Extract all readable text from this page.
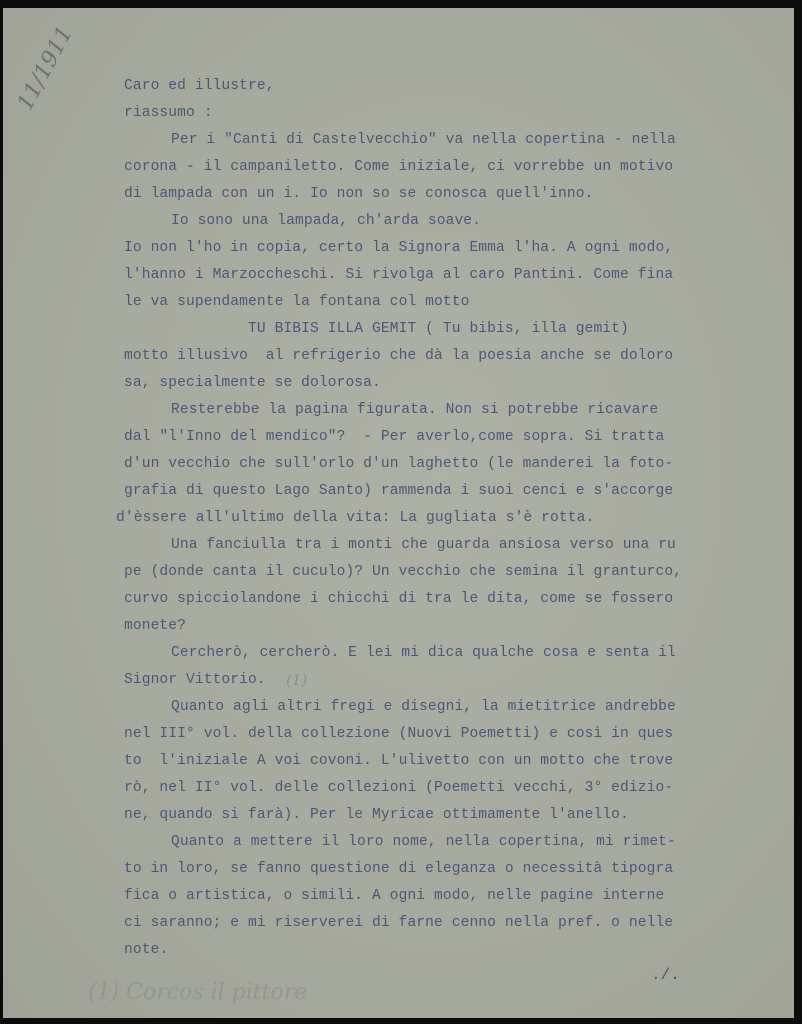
Caro ed illustre,
riassumo :
Per i "Canti di Castelvecchio" va nella copertina - nella
corona - il campaniletto. Come iniziale, ci vorrebbe un motivo
di lampada con un i. Io non so se conosca quell'inno.
Io sono una lampada, ch'arda soave.
Io non l'ho in copia, certo la Signora Emma l'ha. A ogni modo,
l'hanno i Marzoccheschi. Si rivolga al caro Pantini. Come fina
le va supendamente la fontana col motto
TU BIBIS ILLA GEMIT ( Tu bibis, illa gemit)
motto illusivo  al refrigerio che dà la poesia anche se doloro
sa, specialmente se dolorosa.
Resterebbe la pagina figurata. Non si potrebbe ricavare
dal "l'Inno del mendico"?  - Per averlo,come sopra. Si tratta
d'un vecchio che sull'orlo d'un laghetto (le manderei la foto-
grafia di questo Lago Santo) rammenda i suoi cenci e s'accorge
d'èssere all'ultimo della vita: La gugliata s'è rotta.
Una fanciulla tra i monti che guarda ansiosa verso una ru
pe (donde canta il cuculo)? Un vecchio che semina il granturco,
curvo spicciolandone i chicchi di tra le dita, come se fossero
monete?
Cercherò, cercherò. E lei mi dica qualche cosa e senta il
Signor Vittorio.
Quanto agli altri fregi e disegni, la mietitrice andrebbe
nel III° vol. della collezione (Nuovi Poemetti) e così in ques
to  l'iniziale A voi covoni. L'ulivetto con un motto che trove
rò, nel II° vol. delle collezioni (Poemetti vecchi, 3° edizio-
ne, quando si farà). Per le Myricae ottimamente l'anello.
Quanto a mettere il loro nome, nella copertina, mi rimet-
to in loro, se fanno questione di eleganza o necessità tipogra
fica o artistica, o simili. A ogni modo, nelle pagine interne
ci saranno; e mi riserverei di farne cenno nella pref. o nelle
note.
11/1911
(1)
./.
(1) Corcos il pittore
